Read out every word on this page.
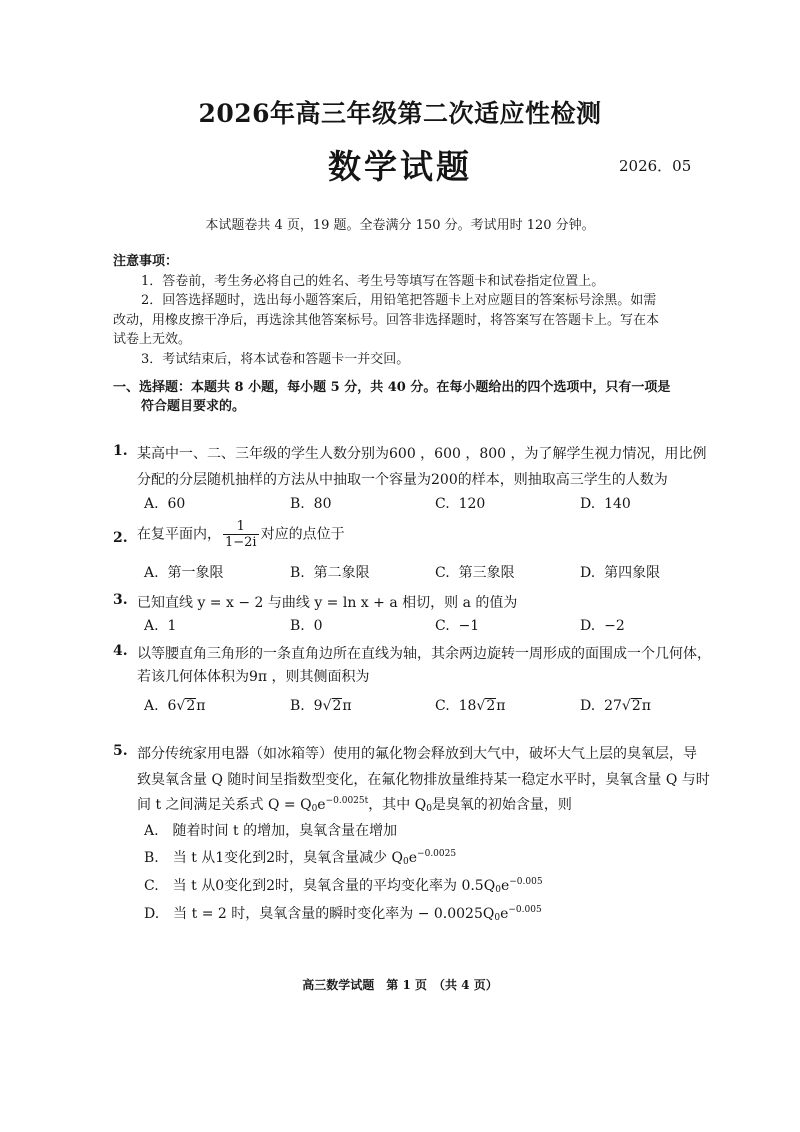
2026年高三年级第二次适应性检测
数学试题	2026．05
本试题卷共 4 页，19 题。全卷满分 150 分。考试用时 120 分钟。
注意事项：
1．答卷前，考生务必将自己的姓名、考生号等填写在答题卡和试卷指定位置上。
2．回答选择题时，选出每小题答案后，用铅笔把答题卡上对应题目的答案标号涂黑。如需
改动，用橡皮擦干净后，再选涂其他答案标号。回答非选择题时，将答案写在答题卡上。写在本
试卷上无效。
3．考试结束后，将本试卷和答题卡一并交回。
一、选择题：本题共 8 小题，每小题 5 分，共 40 分。在每小题给出的四个选项中，只有一项是
符合题目要求的。
1. 某高中一、二、三年级的学生人数分别为600 ，600 ，800 ，为了解学生视力情况，用比例
分配的分层随机抽样的方法从中抽取一个容量为200的样本，则抽取高三学生的人数为
A. 60	B. 80	C. 120	D. 140
2. 在复平面内， $\frac{1}{1-2i}$ 对应的点位于
A. 第一象限	B. 第二象限	C. 第三象限	D. 第四象限
3. 已知直线 y = x − 2 与曲线 y = ln x + a 相切，则 a 的值为
A. 1	B. 0	C. −1	D. −2
4. 以等腰直角三角形的一条直角边所在直线为轴，其余两边旋转一周形成的面围成一个几何体，
若该几何体体积为9π ，则其侧面积为
A. 6√2π	B. 9√2π	C. 18√2π	D. 27√2π
5. 部分传统家用电器（如冰箱等）使用的氟化物会释放到大气中，破坏大气上层的臭氧层，导
致臭氧含量 Q 随时间呈指数型变化，在氟化物排放量维持某一稳定水平时，臭氧含量 Q 与时
间 t 之间满足关系式 $Q = Q_0e^{-0.0025t}$，其中 $Q_0$是臭氧的初始含量，则
A.　随着时间 t 的增加，臭氧含量在增加
B.　当 t 从1变化到2时，臭氧含量减少 $Q_0e^{-0.0025}$
C.　当 t 从0变化到2时，臭氧含量的平均变化率为 $0.5Q_0e^{-0.005}$
D.　当 t = 2 时，臭氧含量的瞬时变化率为 − $0.0025Q_0e^{-0.005}$
高三数学试题　第 1 页　（共 4 页）
